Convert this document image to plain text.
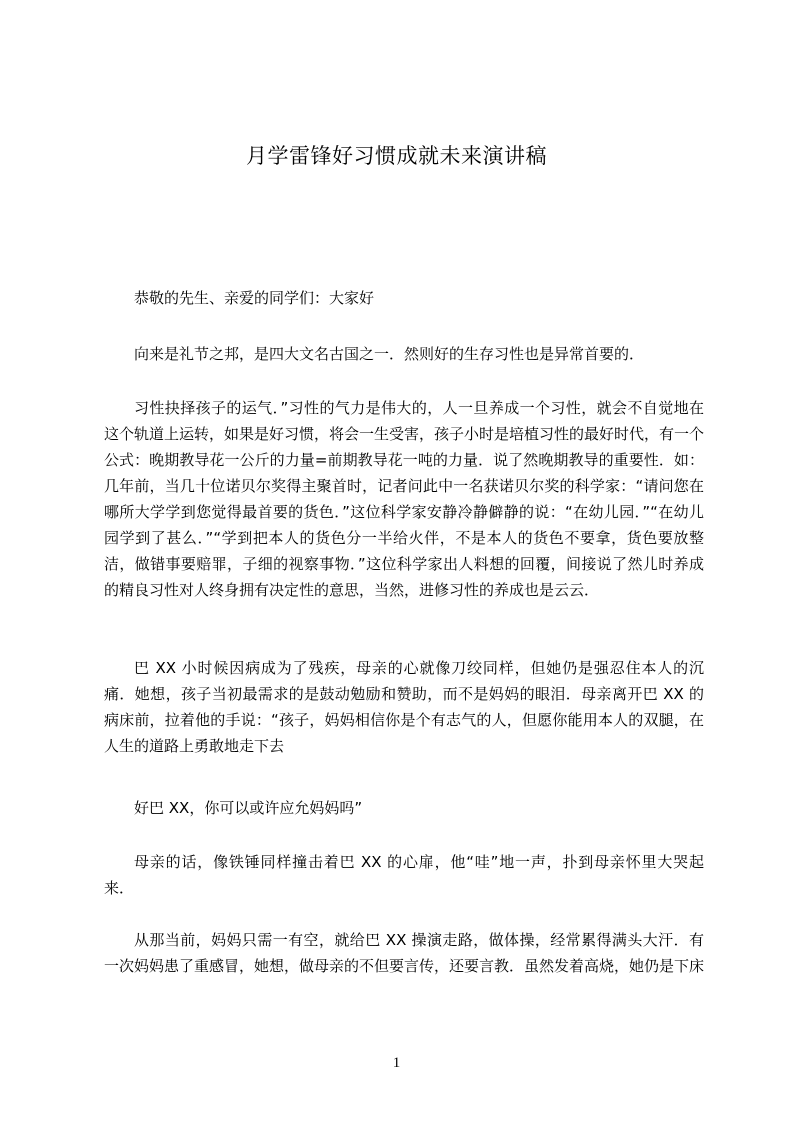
月学雷锋好习惯成就未来演讲稿

恭敬的先生、亲爱的同学们：大家好

向来是礼节之邦，是四大文名古国之一．然则好的生存习性也是异常首要的．

习性抉择孩子的运气．”习性的气力是伟大的，人一旦养成一个习性，就会不自觉地在这个轨道上运转，如果是好习惯，将会一生受害，孩子小时是培植习性的最好时代，有一个公式：晚期教导花一公斤的力量=前期教导花一吨的力量．说了然晚期教导的重要性．如：几年前，当几十位诺贝尔奖得主聚首时，记者问此中一名获诺贝尔奖的科学家：“请问您在哪所大学学到您觉得最首要的货色．”这位科学家安静冷静僻静的说：“在幼儿园．”“在幼儿园学到了甚么．”“学到把本人的货色分一半给火伴，不是本人的货色不要拿，货色要放整洁，做错事要赔罪，子细的视察事物．”这位科学家出人料想的回覆，间接说了然儿时养成的精良习性对人终身拥有决定性的意思，当然，进修习性的养成也是云云．

巴 XX 小时候因病成为了残疾，母亲的心就像刀绞同样，但她仍是强忍住本人的沉痛．她想，孩子当初最需求的是鼓动勉励和赞助，而不是妈妈的眼泪．母亲离开巴 XX 的病床前，拉着他的手说：“孩子，妈妈相信你是个有志气的人，但愿你能用本人的双腿，在人生的道路上勇敢地走下去

好巴 XX，你可以或许应允妈妈吗”

母亲的话，像铁锤同样撞击着巴 XX 的心扉，他“哇”地一声，扑到母亲怀里大哭起来．

从那当前，妈妈只需一有空，就给巴 XX 操演走路，做体操，经常累得满头大汗．有一次妈妈患了重感冒，她想，做母亲的不但要言传，还要言教．虽然发着高烧，她仍是下床

1
